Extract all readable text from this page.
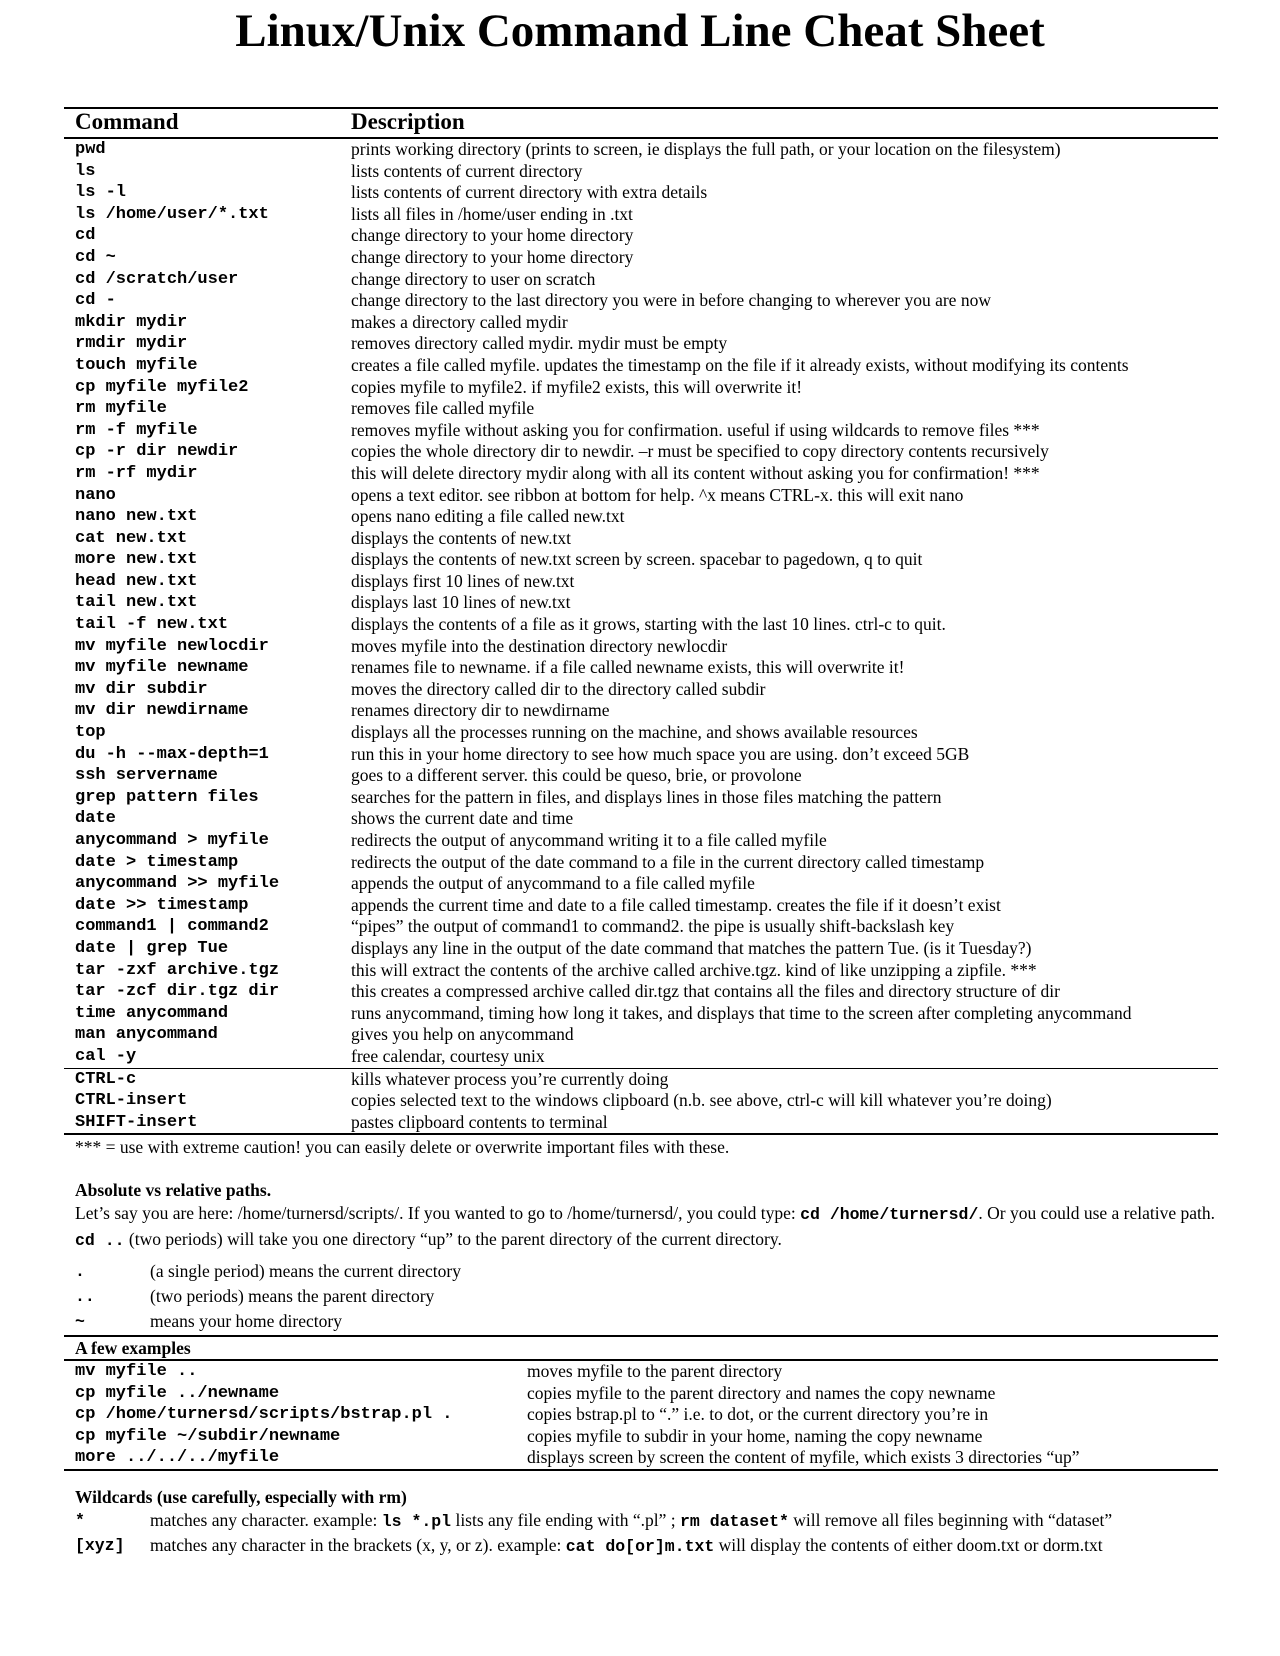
Linux/Unix Command Line Cheat Sheet
Command	Description
pwd	prints working directory (prints to screen, ie displays the full path, or your location on the filesystem)
ls	lists contents of current directory
ls -l	lists contents of current directory with extra details
ls /home/user/*.txt	lists all files in /home/user ending in .txt
cd	change directory to your home directory
cd ~	change directory to your home directory
cd /scratch/user	change directory to user on scratch
cd -	change directory to the last directory you were in before changing to wherever you are now
mkdir mydir	makes a directory called mydir
rmdir mydir	removes directory called mydir. mydir must be empty
touch myfile	creates a file called myfile. updates the timestamp on the file if it already exists, without modifying its contents
cp myfile myfile2	copies myfile to myfile2. if myfile2 exists, this will overwrite it!
rm myfile	removes file called myfile
rm -f myfile	removes myfile without asking you for confirmation. useful if using wildcards to remove files ***
cp -r dir newdir	copies the whole directory dir to newdir. –r must be specified to copy directory contents recursively
rm -rf mydir	this will delete directory mydir along with all its content without asking you for confirmation! ***
nano	opens a text editor. see ribbon at bottom for help. ^x means CTRL-x. this will exit nano
nano new.txt	opens nano editing a file called new.txt
cat new.txt	displays the contents of new.txt
more new.txt	displays the contents of new.txt screen by screen. spacebar to pagedown, q to quit
head new.txt	displays first 10 lines of new.txt
tail new.txt	displays last 10 lines of new.txt
tail -f new.txt	displays the contents of a file as it grows, starting with the last 10 lines. ctrl-c to quit.
mv myfile newlocdir	moves myfile into the destination directory newlocdir
mv myfile newname	renames file to newname. if a file called newname exists, this will overwrite it!
mv dir subdir	moves the directory called dir to the directory called subdir
mv dir newdirname	renames directory dir to newdirname
top	displays all the processes running on the machine, and shows available resources
du -h --max-depth=1	run this in your home directory to see how much space you are using. don’t exceed 5GB
ssh servername	goes to a different server. this could be queso, brie, or provolone
grep pattern files	searches for the pattern in files, and displays lines in those files matching the pattern
date	shows the current date and time
anycommand > myfile	redirects the output of anycommand writing it to a file called myfile
date > timestamp	redirects the output of the date command to a file in the current directory called timestamp
anycommand >> myfile	appends the output of anycommand to a file called myfile
date >> timestamp	appends the current time and date to a file called timestamp. creates the file if it doesn’t exist
command1 | command2	“pipes” the output of command1 to command2. the pipe is usually shift-backslash key
date | grep Tue	displays any line in the output of the date command that matches the pattern Tue. (is it Tuesday?)
tar -zxf archive.tgz	this will extract the contents of the archive called archive.tgz. kind of like unzipping a zipfile. ***
tar -zcf dir.tgz dir	this creates a compressed archive called dir.tgz that contains all the files and directory structure of dir
time anycommand	runs anycommand, timing how long it takes, and displays that time to the screen after completing anycommand
man anycommand	gives you help on anycommand
cal -y	free calendar, courtesy unix
CTRL-c	kills whatever process you’re currently doing
CTRL-insert	copies selected text to the windows clipboard (n.b. see above, ctrl-c will kill whatever you’re doing)
SHIFT-insert	pastes clipboard contents to terminal
*** = use with extreme caution! you can easily delete or overwrite important files with these.
Absolute vs relative paths.
Let’s say you are here: /home/turnersd/scripts/. If you wanted to go to /home/turnersd/, you could type: cd /home/turnersd/. Or you could use a relative path. cd .. (two periods) will take you one directory “up” to the parent directory of the current directory.
.	(a single period) means the current directory
..	(two periods) means the parent directory
~	means your home directory
A few examples
mv myfile ..	moves myfile to the parent directory
cp myfile ../newname	copies myfile to the parent directory and names the copy newname
cp /home/turnersd/scripts/bstrap.pl .	copies bstrap.pl to “.” i.e. to dot, or the current directory you’re in
cp myfile ~/subdir/newname	copies myfile to subdir in your home, naming the copy newname
more ../../../myfile	displays screen by screen the content of myfile, which exists 3 directories “up”
Wildcards (use carefully, especially with rm)
*	matches any character. example: ls *.pl lists any file ending with “.pl” ; rm dataset* will remove all files beginning with “dataset”
[xyz] matches any character in the brackets (x, y, or z). example: cat do[or]m.txt will display the contents of either doom.txt or dorm.txt
